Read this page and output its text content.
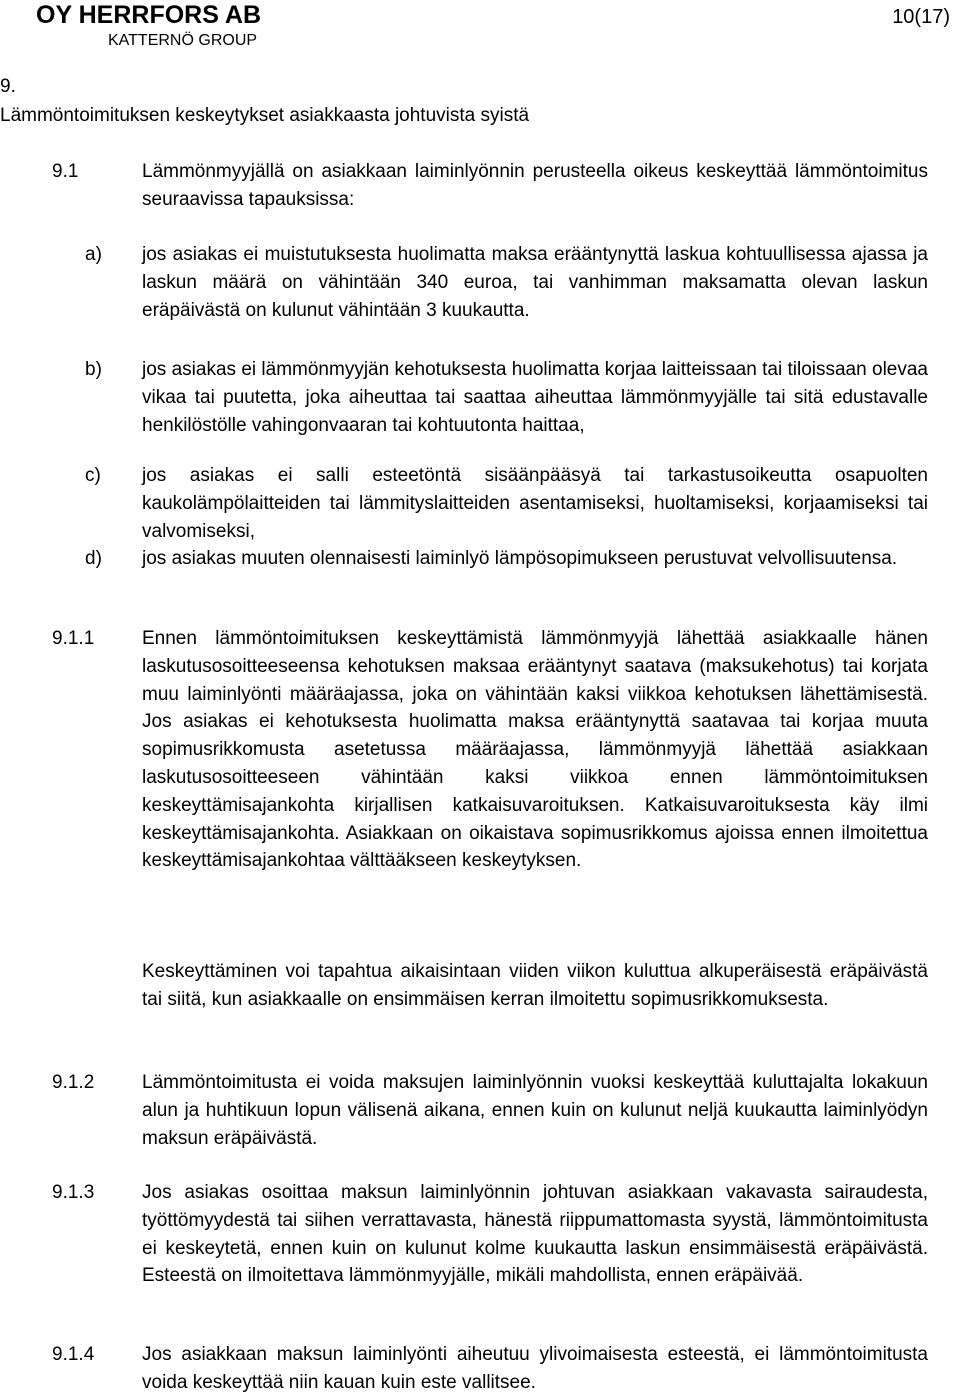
OY HERRFORS AB
KATTERNÖ GROUP
10(17)
9.
Lämmöntoimituksen keskeytykset asiakkaasta johtuvista syistä
9.1	Lämmönmyyjällä on asiakkaan laiminlyönnin perusteella oikeus keskeyttää lämmöntoimitus seuraavissa tapauksissa:
a) jos asiakas ei muistutuksesta huolimatta maksa erääntynyttä laskua kohtuullisessa ajassa ja laskun määrä on vähintään 340 euroa, tai vanhimman maksamatta olevan laskun eräpäivästä on kulunut vähintään 3 kuukautta.
b) jos asiakas ei lämmönmyyjän kehotuksesta huolimatta korjaa laitteissaan tai tiloissaan olevaa vikaa tai puutetta, joka aiheuttaa tai saattaa aiheuttaa lämmönmyyjälle tai sitä edustavalle henkilöstölle vahingonvaaran tai kohtuutonta haittaa,
c) jos asiakas ei salli esteetöntä sisäänpääsyä tai tarkastusoikeutta osapuolten kaukolämpölaitteiden tai lämmityslaitteiden asentamiseksi, huoltamiseksi, korjaamiseksi tai valvomiseksi,
d) jos asiakas muuten olennaisesti laiminlyö lämpösopimukseen perustuvat velvollisuutensa.
9.1.1	Ennen lämmöntoimituksen keskeyttämistä lämmönmyyjä lähettää asiakkaalle hänen laskutusosoitteeseensa kehotuksen maksaa erääntynyt saatava (maksukehotus) tai korjata muu laiminlyönti määräajassa, joka on vähintään kaksi viikkoa kehotuksen lähettämisestä. Jos asiakas ei kehotuksesta huolimatta maksa erääntynyttä saatavaa tai korjaa muuta sopimusrikkomusta asetetussa määräajassa, lämmönmyyjä lähettää asiakkaan laskutusosoitteeseen vähintään kaksi viikkoa ennen lämmöntoimituksen keskeyttämisajankohta kirjallisen katkaisuvaroituksen. Katkaisuvaroituksesta käy ilmi keskeyttämisajankohta. Asiakkaan on oikaistava sopimusrikkomus ajoissa ennen ilmoitettua keskeyttämisajankohtaa välttääkseen keskeytyksen.
Keskeyttäminen voi tapahtua aikaisintaan viiden viikon kuluttua alkuperäisestä eräpäivästä tai siitä, kun asiakkaalle on ensimmäisen kerran ilmoitettu sopimusrikkomuksesta.
9.1.2	Lämmöntoimitusta ei voida maksujen laiminlyönnin vuoksi keskeyttää kuluttajalta lokakuun alun ja huhtikuun lopun välisenä aikana, ennen kuin on kulunut neljä kuukautta laiminlyödyn maksun eräpäivästä.
9.1.3	Jos asiakas osoittaa maksun laiminlyönnin johtuvan asiakkaan vakavasta sairaudesta, työttömyydestä tai siihen verrattavasta, hänestä riippumattomasta syystä, lämmöntoimitusta ei keskeytetä, ennen kuin on kulunut kolme kuukautta laskun ensimmäisestä eräpäivästä. Esteestä on ilmoitettava lämmönmyyjälle, mikäli mahdollista, ennen eräpäivää.
9.1.4	Jos asiakkaan maksun laiminlyönti aiheutuu ylivoimaisesta esteestä, ei lämmöntoimitusta voida keskeyttää niin kauan kuin este vallitsee.
